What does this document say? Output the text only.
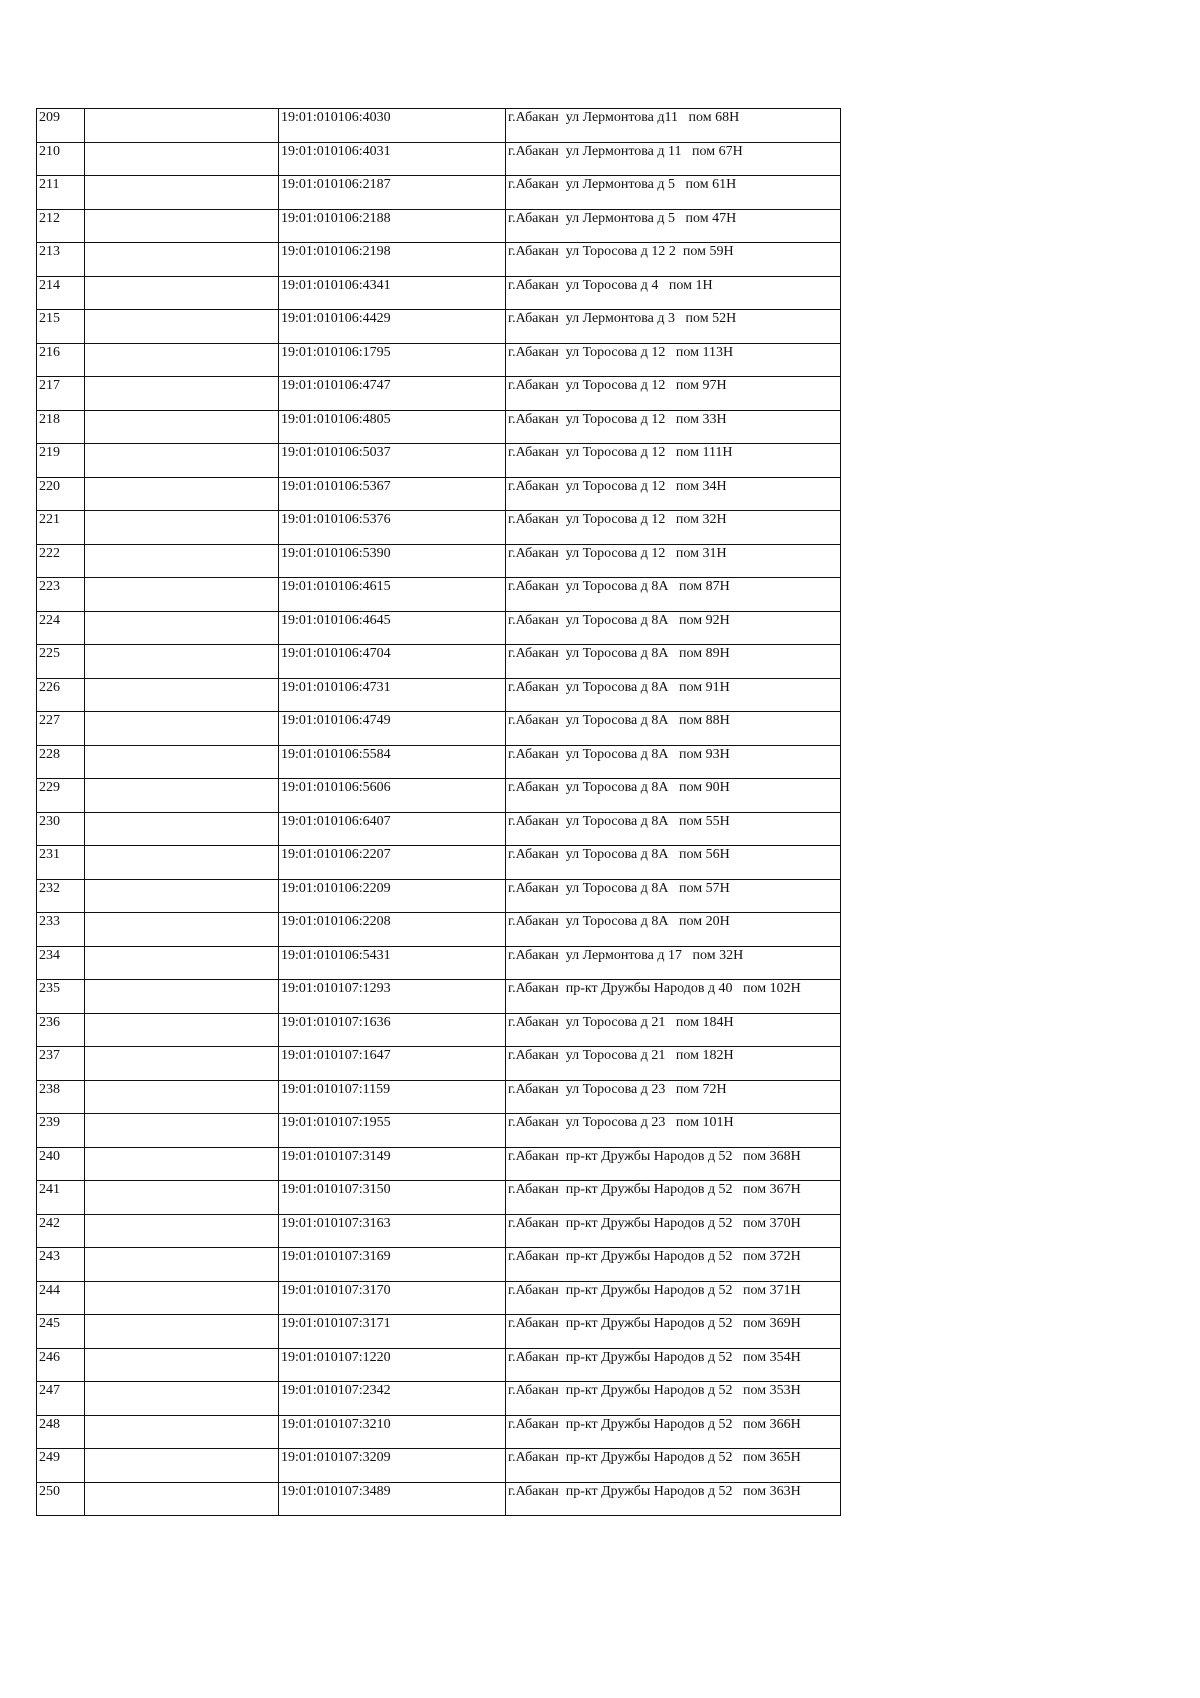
209		19:01:010106:4030	г.Абакан  ул Лермонтова д11   пом 68Н
210		19:01:010106:4031	г.Абакан  ул Лермонтова д 11   пом 67Н
211		19:01:010106:2187	г.Абакан  ул Лермонтова д 5   пом 61Н
212		19:01:010106:2188	г.Абакан  ул Лермонтова д 5   пом 47Н
213		19:01:010106:2198	г.Абакан  ул Торосова д 12 2  пом 59Н
214		19:01:010106:4341	г.Абакан  ул Торосова д 4   пом 1Н
215		19:01:010106:4429	г.Абакан  ул Лермонтова д 3   пом 52Н
216		19:01:010106:1795	г.Абакан  ул Торосова д 12   пом 113Н
217		19:01:010106:4747	г.Абакан  ул Торосова д 12   пом 97Н
218		19:01:010106:4805	г.Абакан  ул Торосова д 12   пом 33Н
219		19:01:010106:5037	г.Абакан  ул Торосова д 12   пом 111Н
220		19:01:010106:5367	г.Абакан  ул Торосова д 12   пом 34Н
221		19:01:010106:5376	г.Абакан  ул Торосова д 12   пом 32Н
222		19:01:010106:5390	г.Абакан  ул Торосова д 12   пом 31Н
223		19:01:010106:4615	г.Абакан  ул Торосова д 8А   пом 87Н
224		19:01:010106:4645	г.Абакан  ул Торосова д 8А   пом 92Н
225		19:01:010106:4704	г.Абакан  ул Торосова д 8А   пом 89Н
226		19:01:010106:4731	г.Абакан  ул Торосова д 8А   пом 91Н
227		19:01:010106:4749	г.Абакан  ул Торосова д 8А   пом 88Н
228		19:01:010106:5584	г.Абакан  ул Торосова д 8А   пом 93Н
229		19:01:010106:5606	г.Абакан  ул Торосова д 8А   пом 90Н
230		19:01:010106:6407	г.Абакан  ул Торосова д 8А   пом 55Н
231		19:01:010106:2207	г.Абакан  ул Торосова д 8А   пом 56Н
232		19:01:010106:2209	г.Абакан  ул Торосова д 8А   пом 57Н
233		19:01:010106:2208	г.Абакан  ул Торосова д 8А   пом 20Н
234		19:01:010106:5431	г.Абакан  ул Лермонтова д 17   пом 32Н
235		19:01:010107:1293	г.Абакан  пр-кт Дружбы Народов д 40   пом 102Н
236		19:01:010107:1636	г.Абакан  ул Торосова д 21   пом 184Н
237		19:01:010107:1647	г.Абакан  ул Торосова д 21   пом 182Н
238		19:01:010107:1159	г.Абакан  ул Торосова д 23   пом 72Н
239		19:01:010107:1955	г.Абакан  ул Торосова д 23   пом 101Н
240		19:01:010107:3149	г.Абакан  пр-кт Дружбы Народов д 52   пом 368Н
241		19:01:010107:3150	г.Абакан  пр-кт Дружбы Народов д 52   пом 367Н
242		19:01:010107:3163	г.Абакан  пр-кт Дружбы Народов д 52   пом 370Н
243		19:01:010107:3169	г.Абакан  пр-кт Дружбы Народов д 52   пом 372Н
244		19:01:010107:3170	г.Абакан  пр-кт Дружбы Народов д 52   пом 371Н
245		19:01:010107:3171	г.Абакан  пр-кт Дружбы Народов д 52   пом 369Н
246		19:01:010107:1220	г.Абакан  пр-кт Дружбы Народов д 52   пом 354Н
247		19:01:010107:2342	г.Абакан  пр-кт Дружбы Народов д 52   пом 353Н
248		19:01:010107:3210	г.Абакан  пр-кт Дружбы Народов д 52   пом 366Н
249		19:01:010107:3209	г.Абакан  пр-кт Дружбы Народов д 52   пом 365Н
250		19:01:010107:3489	г.Абакан  пр-кт Дружбы Народов д 52   пом 363Н
